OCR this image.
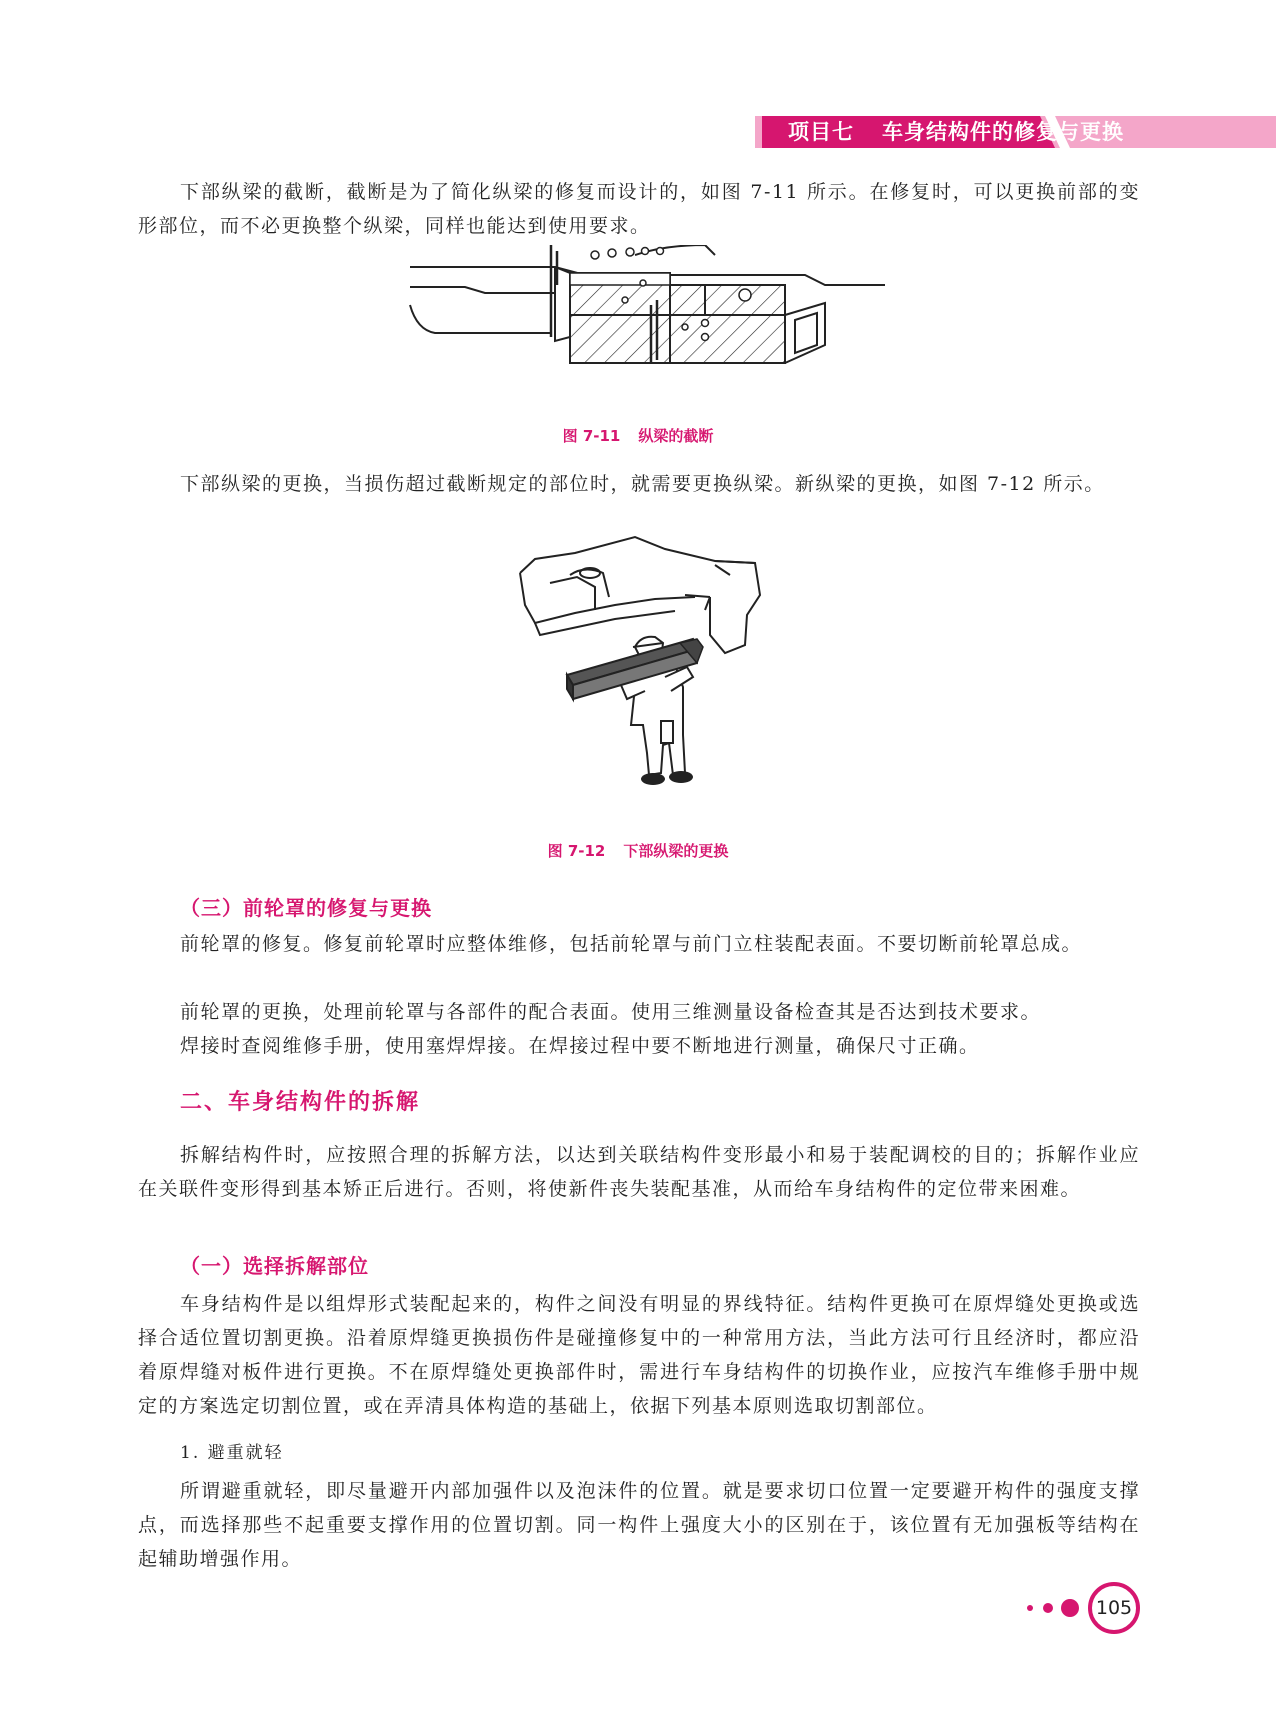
项目七 车身结构件的修复与更换

下部纵梁的截断，截断是为了简化纵梁的修复而设计的，如图 7-11 所示。在修复时，可以更换前部的变形部位，而不必更换整个纵梁，同样也能达到使用要求。

图 7-11 纵梁的截断

下部纵梁的更换，当损伤超过截断规定的部位时，就需要更换纵梁。新纵梁的更换，如图 7-12 所示。

图 7-12 下部纵梁的更换
（三）前轮罩的修复与更换

前轮罩的修复。修复前轮罩时应整体维修，包括前轮罩与前门立柱装配表面。不要切断前轮罩总成。

前轮罩的更换，处理前轮罩与各部件的配合表面。使用三维测量设备检查其是否达到技术要求。

焊接时查阅维修手册，使用塞焊焊接。在焊接过程中要不断地进行测量，确保尺寸正确。

二、车身结构件的拆解

拆解结构件时，应按照合理的拆解方法，以达到关联结构件变形最小和易于装配调校的目的；拆解作业应在关联件变形得到基本矫正后进行。否则，将使新件丧失装配基准，从而给车身结构件的定位带来困难。

（一）选择拆解部位

车身结构件是以组焊形式装配起来的，构件之间没有明显的界线特征。结构件更换可在原焊缝处更换或选择合适位置切割更换。沿着原焊缝更换损伤件是碰撞修复中的一种常用方法，当此方法可行且经济时，都应沿着原焊缝对板件进行更换。不在原焊缝处更换部件时，需进行车身结构件的切换作业，应按汽车维修手册中规定的方案选定切割位置，或在弄清具体构造的基础上，依据下列基本原则选取切割部位。

1. 避重就轻

所谓避重就轻，即尽量避开内部加强件以及泡沫件的位置。就是要求切口位置一定要避开构件的强度支撑点，而选择那些不起重要支撑作用的位置切割。同一构件上强度大小的区别在于，该位置有无加强板等结构在起辅助增强作用。

105
